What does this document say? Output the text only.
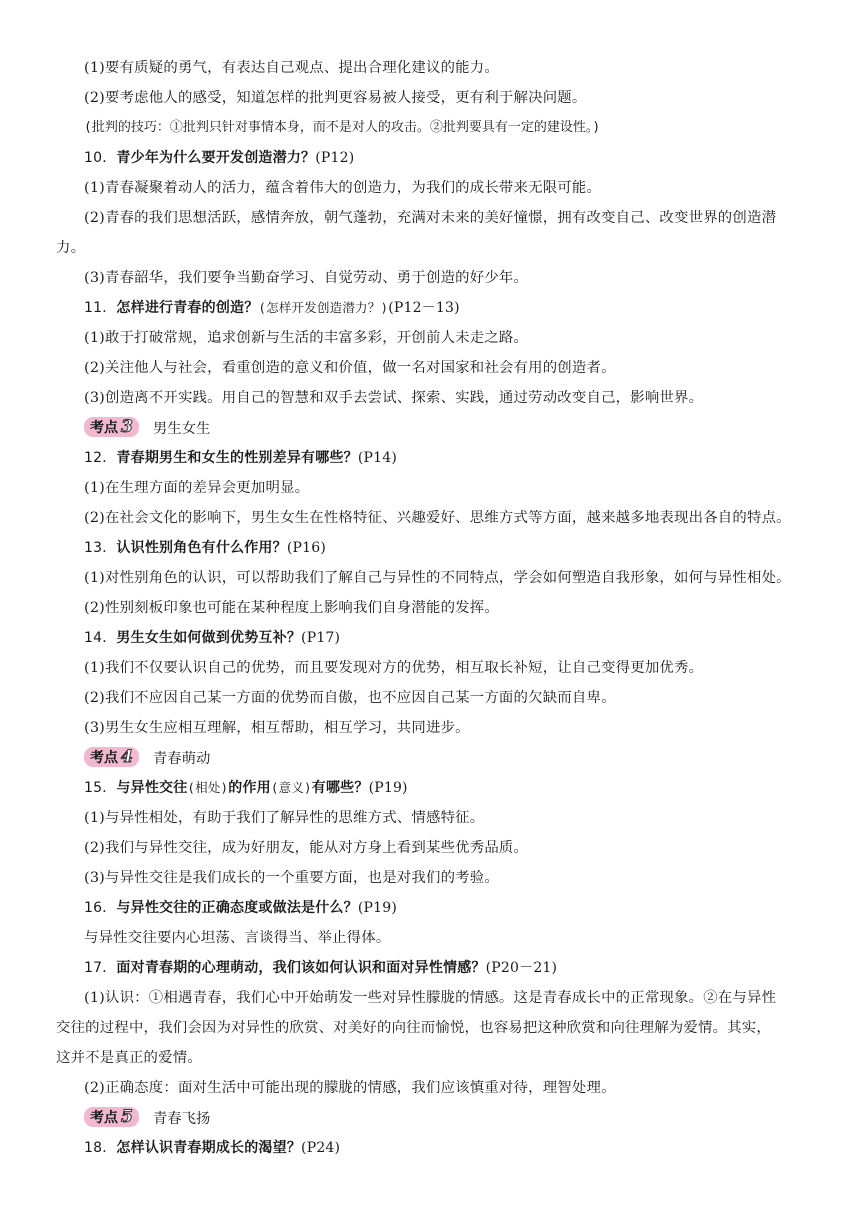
(1)要有质疑的勇气，有表达自己观点、提出合理化建议的能力。
(2)要考虑他人的感受，知道怎样的批判更容易被人接受，更有利于解决问题。
(批判的技巧：①批判只针对事情本身，而不是对人的攻击。②批判要具有一定的建设性。)
10．青少年为什么要开发创造潜力？(P12)
(1)青春凝聚着动人的活力，蕴含着伟大的创造力，为我们的成长带来无限可能。
(2)青春的我们思想活跃，感情奔放，朝气蓬勃，充满对未来的美好憧憬，拥有改变自己、改变世界的创造潜
力。
(3)青春韶华，我们要争当勤奋学习、自觉劳动、勇于创造的好少年。
11．怎样进行青春的创造？(怎样开发创造潜力？)(P12－13)
(1)敢于打破常规，追求创新与生活的丰富多彩，开创前人未走之路。
(2)关注他人与社会，看重创造的意义和价值，做一名对国家和社会有用的创造者。
(3)创造离不开实践。用自己的智慧和双手去尝试、探索、实践，通过劳动改变自己，影响世界。
12．青春期男生和女生的性别差异有哪些？(P14)
(1)在生理方面的差异会更加明显。
(2)在社会文化的影响下，男生女生在性格特征、兴趣爱好、思维方式等方面，越来越多地表现出各自的特点。
13．认识性别角色有什么作用？(P16)
(1)对性别角色的认识，可以帮助我们了解自己与异性的不同特点，学会如何塑造自我形象，如何与异性相处。
(2)性别刻板印象也可能在某种程度上影响我们自身潜能的发挥。
14．男生女生如何做到优势互补？(P17)
(1)我们不仅要认识自己的优势，而且要发现对方的优势，相互取长补短，让自己变得更加优秀。
(2)我们不应因自己某一方面的优势而自傲，也不应因自己某一方面的欠缺而自卑。
(3)男生女生应相互理解，相互帮助，相互学习，共同进步。
15．与异性交往(相处)的作用(意义)有哪些？(P19)
(1)与异性相处，有助于我们了解异性的思维方式、情感特征。
(2)我们与异性交往，成为好朋友，能从对方身上看到某些优秀品质。
(3)与异性交往是我们成长的一个重要方面，也是对我们的考验。
16．与异性交往的正确态度或做法是什么？(P19)
与异性交往要内心坦荡、言谈得当、举止得体。
17．面对青春期的心理萌动，我们该如何认识和面对异性情感？(P20－21)
(1)认识：①相遇青春，我们心中开始萌发一些对异性朦胧的情感。这是青春成长中的正常现象。②在与异性
交往的过程中，我们会因为对异性的欣赏、对美好的向往而愉悦，也容易把这种欣赏和向往理解为爱情。其实，
这并不是真正的爱情。
(2)正确态度：面对生活中可能出现的朦胧的情感，我们应该慎重对待，理智处理。
18．怎样认识青春期成长的渴望？(P24)
考点 3 男生女生
考点 4 青春萌动
考点 5 青春飞扬
